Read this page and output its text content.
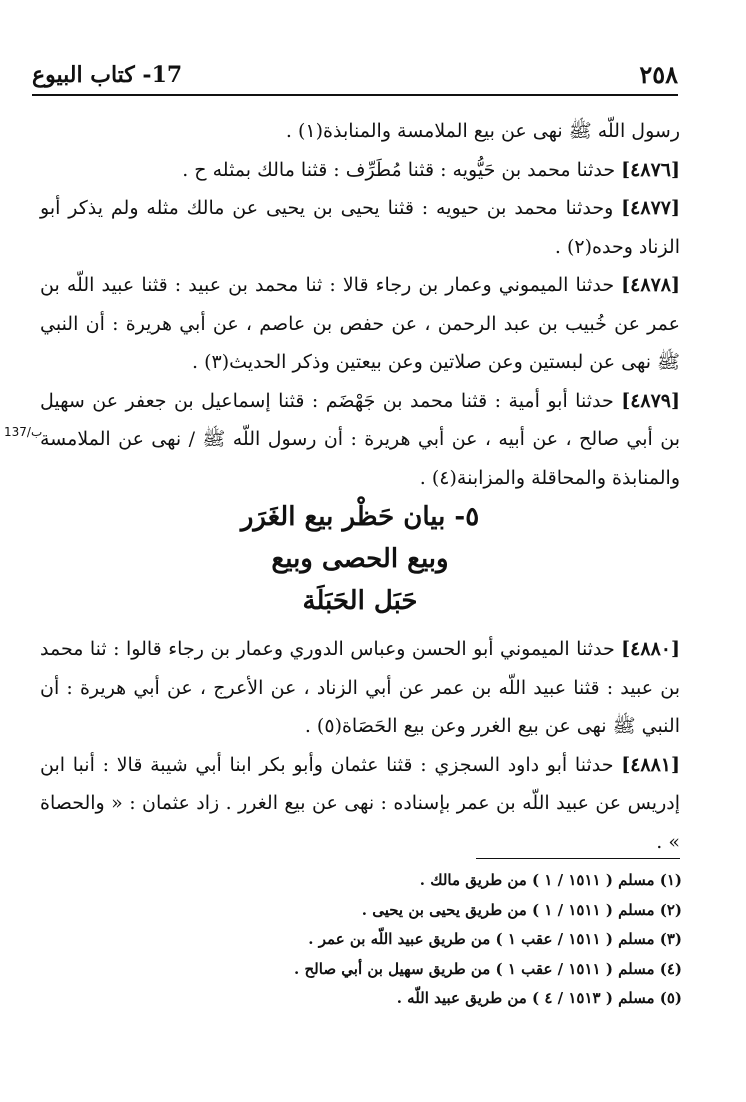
٢٥٨
17- كتاب البيوع

رسول اللّه ﷺ نهى عن بيع الملامسة والمنابذة(١) .

[٤٨٧٦] حدثنا محمد بن حَيُّويه : قثنا مُطَرِّف : قثنا مالك بمثله ح .

[٤٨٧٧] وحدثنا محمد بن حيويه : قثنا يحيى بن يحيى عن مالك مثله ولم يذكر أبو الزناد وحده(٢) .

[٤٨٧٨] حدثنا الميموني وعمار بن رجاء قالا : ثنا محمد بن عبيد : قثنا عبيد اللّه بن عمر عن خُبيب بن عبد الرحمن ، عن حفص بن عاصم ، عن أبي هريرة : أن النبي ﷺ نهى عن لبستين وعن صلاتين وعن بيعتين وذكر الحديث(٣) .

[٤٨٧٩] حدثنا أبو أمية : قثنا محمد بن جَهْضَم : قثنا إسماعيل بن جعفر عن سهيل بن أبي صالح ، عن أبيه ، عن أبي هريرة : أن رسول اللّه ﷺ / نهى عن الملامسة والمنابذة والمحاقلة والمزابنة(٤) .

137/ب
٥- بيان حَظْر بيع الغَرَر
وبيع الحصى وبيع
حَبَل الحَبَلَة

[٤٨٨٠] حدثنا الميموني أبو الحسن وعباس الدوري وعمار بن رجاء قالوا : ثنا محمد بن عبيد : قثنا عبيد اللّه بن عمر عن أبي الزناد ، عن الأعرج ، عن أبي هريرة : أن النبي ﷺ نهى عن بيع الغرر وعن بيع الحَصَاة(٥) .

[٤٨٨١] حدثنا أبو داود السجزي : قثنا عثمان وأبو بكر ابنا أبي شيبة قالا : أنبا ابن إدريس عن عبيد اللّه بن عمر بإسناده : نهى عن بيع الغرر . زاد عثمان : « والحصاة » .

(١) مسلم ( ١٥١١ / ١ ) من طريق مالك .
(٢) مسلم ( ١٥١١ / ١ ) من طريق يحيى بن يحيى .
(٣) مسلم ( ١٥١١ / عقب ١ ) من طريق عبيد اللّه بن عمر .
(٤) مسلم ( ١٥١١ / عقب ١ ) من طريق سهيل بن أبي صالح .
(٥) مسلم ( ١٥١٣ / ٤ ) من طريق عبيد اللّه .
